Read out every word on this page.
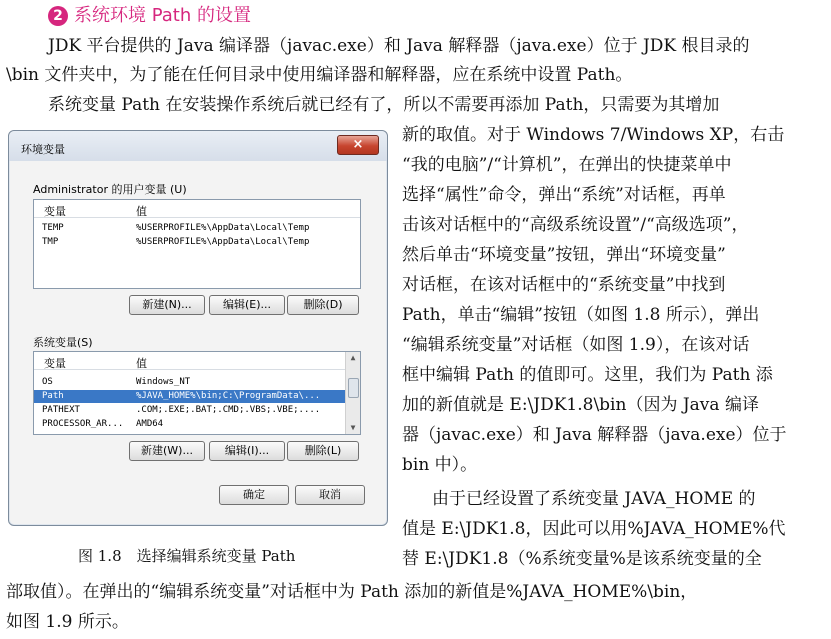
2 系统环境 Path 的设置
JDK 平台提供的 Java 编译器（javac.exe）和 Java 解释器（java.exe）位于 JDK 根目录的
\bin 文件夹中，为了能在任何目录中使用编译器和解释器，应在系统中设置 Path。
系统变量 Path 在安装操作系统后就已经有了，所以不需要再添加 Path，只需要为其增加
新的取值。对于 Windows 7/Windows XP，右击
“我的电脑”/“计算机”，在弹出的快捷菜单中
选择“属性”命令，弹出“系统”对话框，再单
击该对话框中的“高级系统设置”/“高级选项”，
然后单击“环境变量”按钮，弹出“环境变量”
对话框，在该对话框中的“系统变量”中找到
Path，单击“编辑”按钮（如图 1.8 所示），弹出
“编辑系统变量”对话框（如图 1.9），在该对话
框中编辑 Path 的值即可。这里，我们为 Path 添
加的新值就是 E:\JDK1.8\bin（因为 Java 编译
器（javac.exe）和 Java 解释器（java.exe）位于
bin 中）。
由于已经设置了系统变量 JAVA_HOME 的
值是 E:\JDK1.8，因此可以用%JAVA_HOME%代
替 E:\JDK1.8（%系统变量%是该系统变量的全
部取值）。在弹出的“编辑系统变量”对话框中为 Path 添加的新值是%JAVA_HOME%\bin，
如图 1.9 所示。
图 1.8　选择编辑系统变量 Path
环境变量	×
Administrator 的用户变量 (U)
变量	值
TEMP	%USERPROFILE%\AppData\Local\Temp
TMP	%USERPROFILE%\AppData\Local\Temp
新建(N)...	编辑(E)...	删除(D)
系统变量(S)
变量	值
OS	Windows_NT
Path	%JAVA_HOME%\bin;C:\ProgramData\...
PATHEXT	.COM;.EXE;.BAT;.CMD;.VBS;.VBE;....
PROCESSOR_AR... AMD64
▲
▼
新建(W)...	编辑(I)...	删除(L)
确定	取消
